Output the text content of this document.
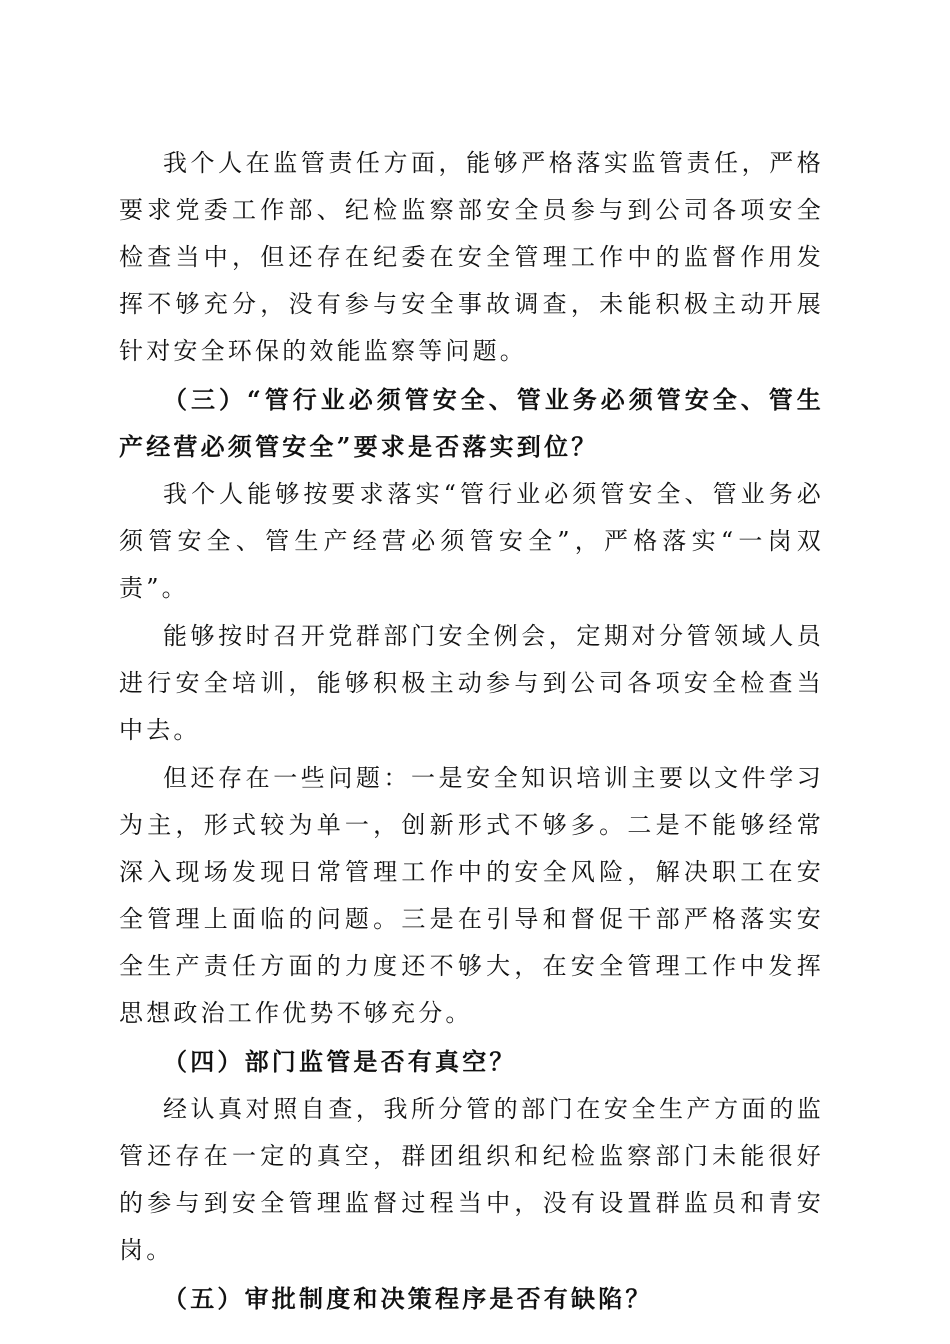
我个人在监管责任方面，能够严格落实监管责任，严格要求党委工作部、纪检监察部安全员参与到公司各项安全检查当中，但还存在纪委在安全管理工作中的监督作用发挥不够充分，没有参与安全事故调查，未能积极主动开展针对安全环保的效能监察等问题。

（三）“管行业必须管安全、管业务必须管安全、管生产经营必须管安全”要求是否落实到位？

我个人能够按要求落实“管行业必须管安全、管业务必须管安全、管生产经营必须管安全”，严格落实“一岗双责”。

能够按时召开党群部门安全例会，定期对分管领域人员进行安全培训，能够积极主动参与到公司各项安全检查当中去。

但还存在一些问题：一是安全知识培训主要以文件学习为主，形式较为单一，创新形式不够多。二是不能够经常深入现场发现日常管理工作中的安全风险，解决职工在安全管理上面临的问题。三是在引导和督促干部严格落实安全生产责任方面的力度还不够大，在安全管理工作中发挥思想政治工作优势不够充分。

（四）部门监管是否有真空？

经认真对照自查，我所分管的部门在安全生产方面的监管还存在一定的真空，群团组织和纪检监察部门未能很好的参与到安全管理监督过程当中，没有设置群监员和青安岗。

（五）审批制度和决策程序是否有缺陷？
